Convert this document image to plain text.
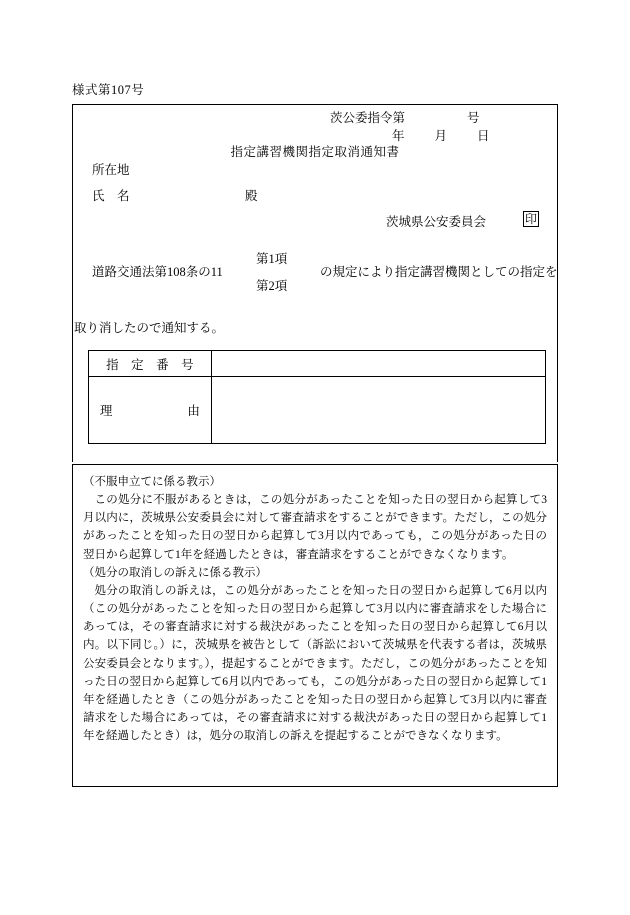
様式第107号
茨公委指令第	号
年 月 日
指定講習機関指定取消通知書
所在地
氏　名	殿
茨城県公安委員会	印
第1項
道路交通法第108条の11
第2項
の規定により指定講習機関としての指定を
取り消したので通知する。
指　定　番　号	
理　　　　　　由	

（不服申立てに係る教示）

この処分に不服があるときは，この処分があったことを知った日の翌日から起算して3月以内に，茨城県公安委員会に対して審査請求をすることができます。ただし，この処分があったことを知った日の翌日から起算して3月以内であっても，この処分があった日の翌日から起算して1年を経過したときは，審査請求をすることができなくなります。

（処分の取消しの訴えに係る教示）

処分の取消しの訴えは，この処分があったことを知った日の翌日から起算して6月以内（この処分があったことを知った日の翌日から起算して3月以内に審査請求をした場合にあっては，その審査請求に対する裁決があったことを知った日の翌日から起算して6月以内。以下同じ。）に，茨城県を被告として（訴訟において茨城県を代表する者は，茨城県公安委員会となります。），提起することができます。ただし，この処分があったことを知った日の翌日から起算して6月以内であっても，この処分があった日の翌日から起算して1年を経過したとき（この処分があったことを知った日の翌日から起算して3月以内に審査請求をした場合にあっては，その審査請求に対する裁決があった日の翌日から起算して1年を経過したとき）は，処分の取消しの訴えを提起することができなくなります。
